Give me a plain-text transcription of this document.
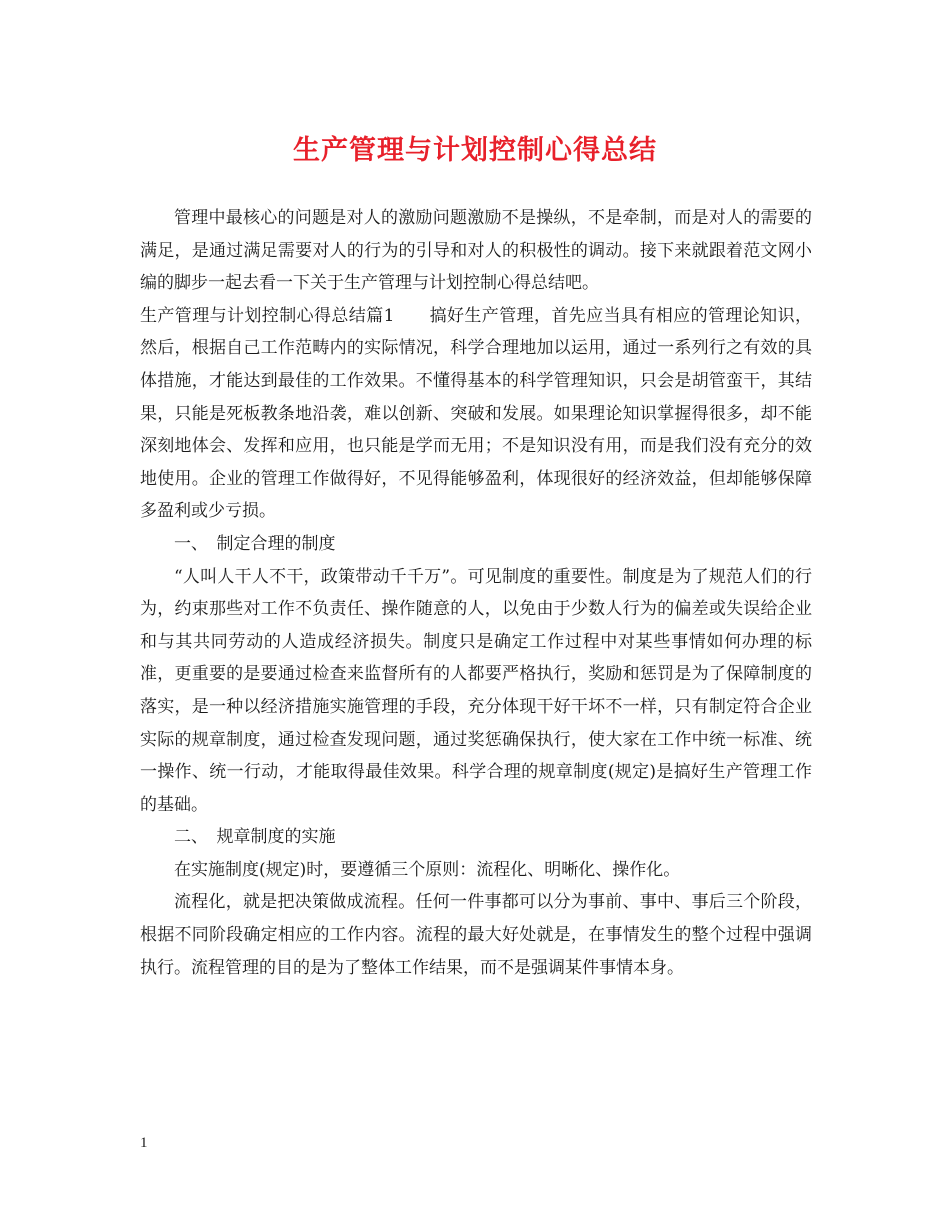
生产管理与计划控制心得总结

管理中最核心的问题是对人的激励问题激励不是操纵，不是牵制，而是对人的需要的满足，是通过满足需要对人的行为的引导和对人的积极性的调动。接下来就跟着范文网小编的脚步一起去看一下关于生产管理与计划控制心得总结吧。

生产管理与计划控制心得总结篇1　　搞好生产管理，首先应当具有相应的管理论知识，然后，根据自己工作范畴内的实际情况，科学合理地加以运用，通过一系列行之有效的具体措施，才能达到最佳的工作效果。不懂得基本的科学管理知识，只会是胡管蛮干，其结果，只能是死板教条地沿袭，难以创新、突破和发展。如果理论知识掌握得很多，却不能深刻地体会、发挥和应用，也只能是学而无用；不是知识没有用，而是我们没有充分的效地使用。企业的管理工作做得好，不见得能够盈利，体现很好的经济效益，但却能够保障多盈利或少亏损。

一、　制定合理的制度

“人叫人干人不干，政策带动千千万”。可见制度的重要性。制度是为了规范人们的行为，约束那些对工作不负责任、操作随意的人，以免由于少数人行为的偏差或失误给企业和与其共同劳动的人造成经济损失。制度只是确定工作过程中对某些事情如何办理的标准，更重要的是要通过检查来监督所有的人都要严格执行，奖励和惩罚是为了保障制度的落实，是一种以经济措施实施管理的手段，充分体现干好干坏不一样，只有制定符合企业实际的规章制度，通过检查发现问题，通过奖惩确保执行，使大家在工作中统一标准、统一操作、统一行动，才能取得最佳效果。科学合理的规章制度(规定)是搞好生产管理工作的基础。

二、　规章制度的实施

在实施制度(规定)时，要遵循三个原则：流程化、明晰化、操作化。

流程化，就是把决策做成流程。任何一件事都可以分为事前、事中、事后三个阶段，根据不同阶段确定相应的工作内容。流程的最大好处就是，在事情发生的整个过程中强调执行。流程管理的目的是为了整体工作结果，而不是强调某件事情本身。

1
